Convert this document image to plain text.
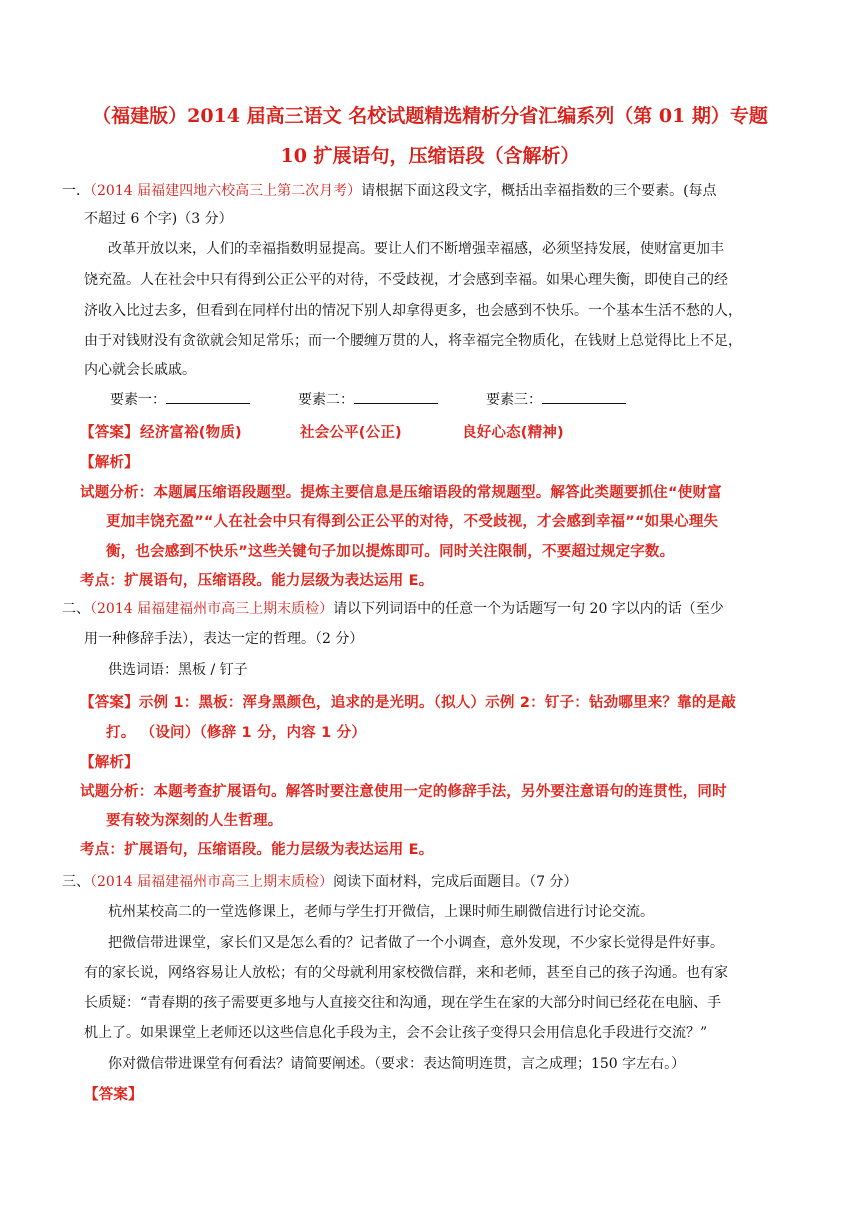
（福建版）2014 届高三语文 名校试题精选精析分省汇编系列（第 01 期）专题
10 扩展语句，压缩语段（含解析）
一．（2014 届福建四地六校高三上第二次月考）请根据下面这段文字，概括出幸福指数的三个要素。(每点
不超过 6 个字)（3 分）
改革开放以来，人们的幸福指数明显提高。要让人们不断增强幸福感，必须坚持发展，使财富更加丰
饶充盈。人在社会中只有得到公正公平的对待，不受歧视，才会感到幸福。如果心理失衡，即使自己的经
济收入比过去多，但看到在同样付出的情况下别人却拿得更多，也会感到不快乐。一个基本生活不愁的人，
由于对钱财没有贪欲就会知足常乐；而一个腰缠万贯的人，将幸福完全物质化，在钱财上总觉得比上不足，
内心就会长戚戚。
要素一：	要素二：	要素三：
【答案】 经济富裕(物质)	社会公平(公正)	良好心态(精神)
【解析】
试题分析：本题属压缩语段题型。提炼主要信息是压缩语段的常规题型。解答此类题要抓住“使财富
更加丰饶充盈”“人在社会中只有得到公正公平的对待，不受歧视，才会感到幸福”“如果心理失
衡，也会感到不快乐”这些关键句子加以提炼即可。同时关注限制，不要超过规定字数。
考点：扩展语句，压缩语段。能力层级为表达运用 E。
二、（2014 届福建福州市高三上期末质检）请以下列词语中的任意一个为话题写一句 20 字以内的话（至少
用一种修辞手法），表达一定的哲理。（2 分）
供选词语：黑板 / 钉子
【答案】示例 1：黑板：浑身黑颜色，追求的是光明。（拟人）示例 2：钉子：钻劲哪里来？靠的是敲
打。 （设问）（修辞 1 分，内容 1 分）
【解析】
试题分析：本题考查扩展语句。解答时要注意使用一定的修辞手法，另外要注意语句的连贯性，同时
要有较为深刻的人生哲理。
考点：扩展语句，压缩语段。能力层级为表达运用 E。
三、（2014 届福建福州市高三上期末质检）阅读下面材料，完成后面题目。（7 分）
杭州某校高二的一堂选修课上，老师与学生打开微信，上课时师生刷微信进行讨论交流。
把微信带进课堂，家长们又是怎么看的？记者做了一个小调查，意外发现，不少家长觉得是件好事。
有的家长说，网络容易让人放松；有的父母就利用家校微信群，来和老师，甚至自己的孩子沟通。也有家
长质疑：“青春期的孩子需要更多地与人直接交往和沟通，现在学生在家的大部分时间已经花在电脑、手
机上了。如果课堂上老师还以这些信息化手段为主，会不会让孩子变得只会用信息化手段进行交流？”
你对微信带进课堂有何看法？请简要阐述。（要求：表达简明连贯，言之成理；150 字左右。）
【答案】
